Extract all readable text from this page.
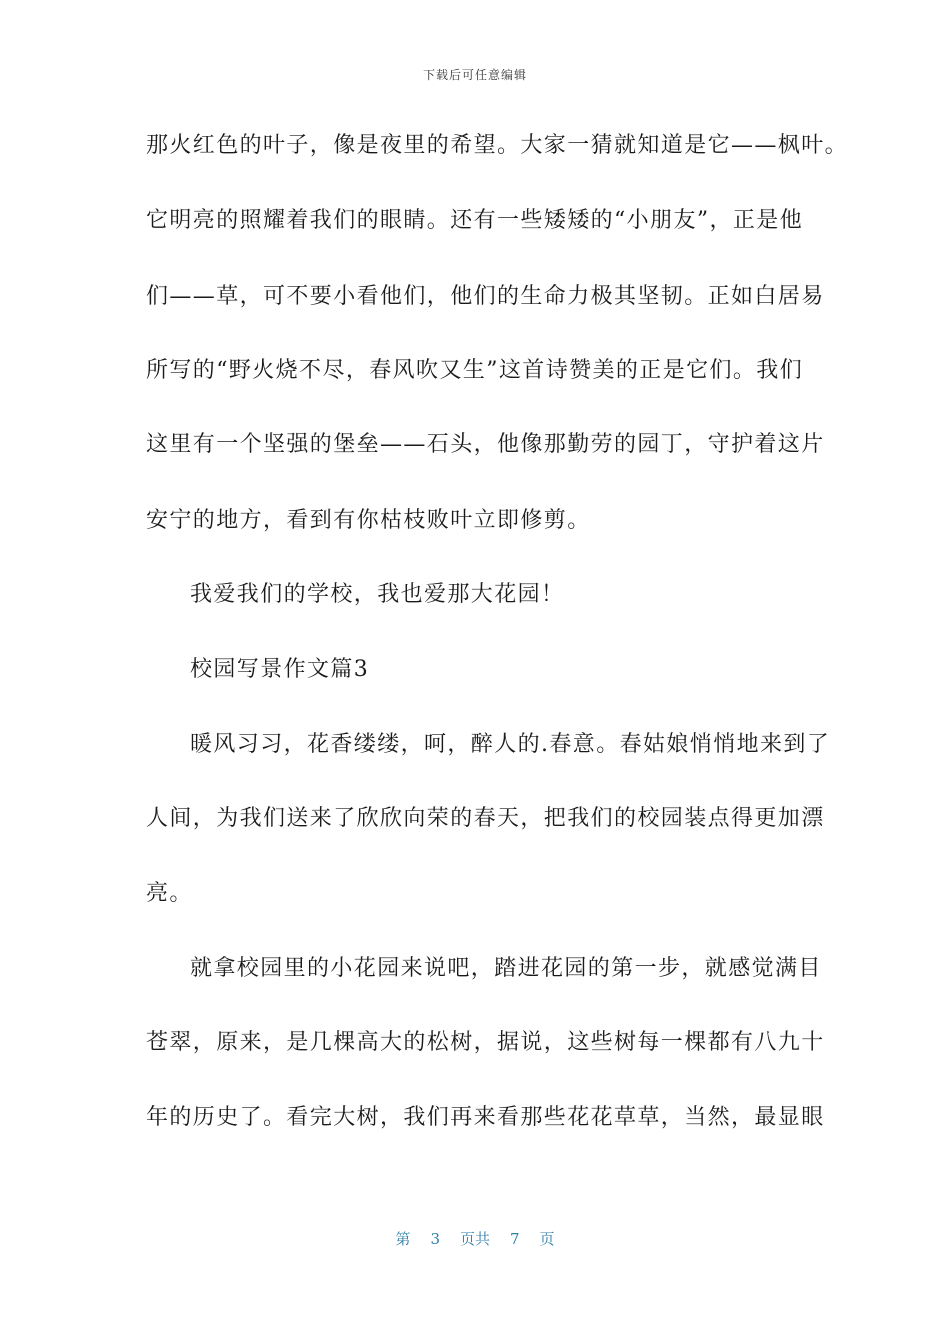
下载后可任意编辑
那火红色的叶子，像是夜里的希望。大家一猜就知道是它——枫叶。
它明亮的照耀着我们的眼睛。还有一些矮矮的“小朋友”，正是他
们——草，可不要小看他们，他们的生命力极其坚韧。正如白居易
所写的“野火烧不尽，春风吹又生”这首诗赞美的正是它们。我们
这里有一个坚强的堡垒——石头，他像那勤劳的园丁，守护着这片
安宁的地方，看到有你枯枝败叶立即修剪。
我爱我们的学校，我也爱那大花园！
校园写景作文篇3
暖风习习，花香缕缕，呵，醉人的.春意。春姑娘悄悄地来到了
人间，为我们送来了欣欣向荣的春天，把我们的校园装点得更加漂
亮。
就拿校园里的小花园来说吧，踏进花园的第一步，就感觉满目
苍翠，原来，是几棵高大的松树，据说，这些树每一棵都有八九十
年的历史了。看完大树，我们再来看那些花花草草，当然，最显眼
第 3 页共 7 页
